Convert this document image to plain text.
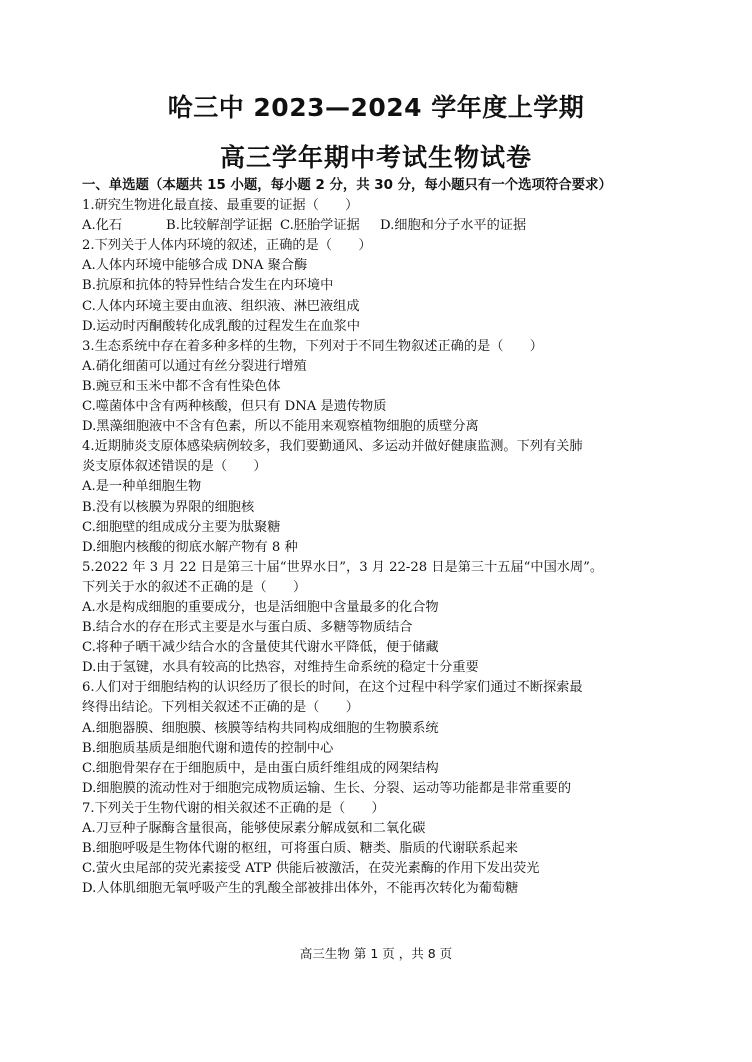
哈三中 2023—2024 学年度上学期
高三学年期中考试生物试卷
一、单选题（本题共 15 小题，每小题 2 分，共 30 分，每小题只有一个选项符合要求）
1.研究生物进化最直接、最重要的证据（　　）
A.化石	B.比较解剖学证据 C.胚胎学证据	D.细胞和分子水平的证据
2.下列关于人体内环境的叙述，正确的是（　　）
A.人体内环境中能够合成 DNA 聚合酶
B.抗原和抗体的特异性结合发生在内环境中
C.人体内环境主要由血液、组织液、淋巴液组成
D.运动时丙酮酸转化成乳酸的过程发生在血浆中
3.生态系统中存在着多种多样的生物，下列对于不同生物叙述正确的是（　　）
A.硝化细菌可以通过有丝分裂进行增殖
B.豌豆和玉米中都不含有性染色体
C.噬菌体中含有两种核酸，但只有 DNA 是遗传物质
D.黑藻细胞液中不含有色素，所以不能用来观察植物细胞的质壁分离
4.近期肺炎支原体感染病例较多，我们要勤通风、多运动并做好健康监测。下列有关肺
炎支原体叙述错误的是（　　）
A.是一种单细胞生物
B.没有以核膜为界限的细胞核
C.细胞壁的组成成分主要为肽聚糖
D.细胞内核酸的彻底水解产物有 8 种
5.2022 年 3 月 22 日是第三十届“世界水日”，3 月 22-28 日是第三十五届“中国水周”。
下列关于水的叙述不正确的是（　　）
A.水是构成细胞的重要成分，也是活细胞中含量最多的化合物
B.结合水的存在形式主要是水与蛋白质、多糖等物质结合
C.将种子晒干减少结合水的含量使其代谢水平降低，便于储藏
D.由于氢键，水具有较高的比热容，对维持生命系统的稳定十分重要
6.人们对于细胞结构的认识经历了很长的时间，在这个过程中科学家们通过不断探索最
终得出结论。下列相关叙述不正确的是（　　）
A.细胞器膜、细胞膜、核膜等结构共同构成细胞的生物膜系统
B.细胞质基质是细胞代谢和遗传的控制中心
C.细胞骨架存在于细胞质中，是由蛋白质纤维组成的网架结构
D.细胞膜的流动性对于细胞完成物质运输、生长、分裂、运动等功能都是非常重要的
7.下列关于生物代谢的相关叙述不正确的是（　　）
A.刀豆种子脲酶含量很高，能够使尿素分解成氨和二氧化碳
B.细胞呼吸是生物体代谢的枢纽，可将蛋白质、糖类、脂质的代谢联系起来
C.萤火虫尾部的荧光素接受 ATP 供能后被激活，在荧光素酶的作用下发出荧光
D.人体肌细胞无氧呼吸产生的乳酸全部被排出体外，不能再次转化为葡萄糖
高三生物 第 1 页 ，共 8 页
